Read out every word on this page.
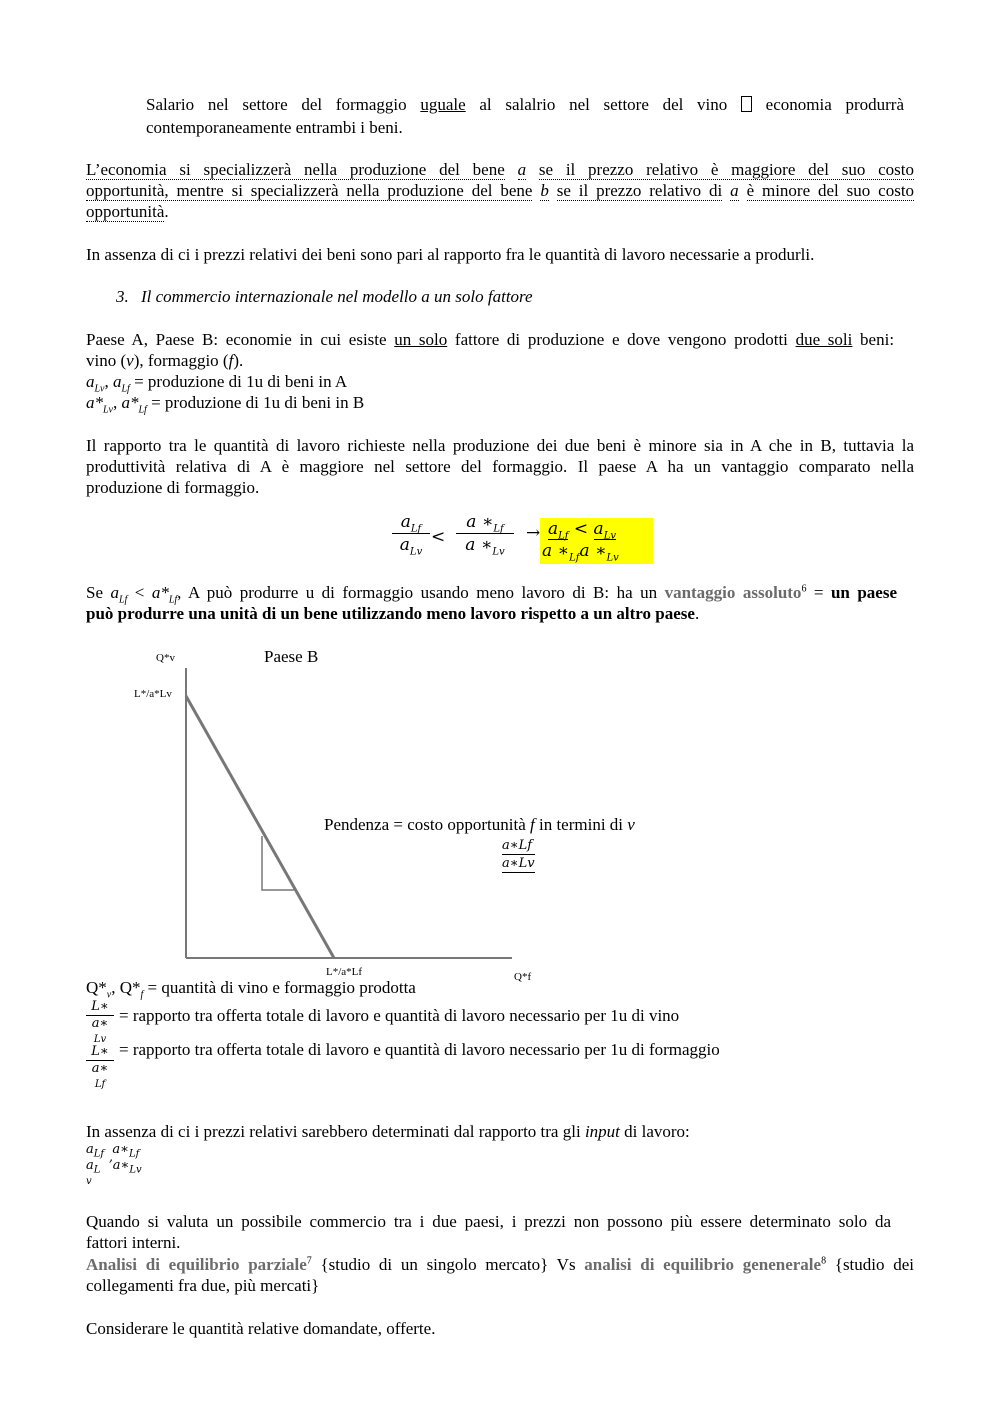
Salario nel settore del formaggio uguale al salalrio nel settore del vino economia produrrà
contemporaneamente entrambi i beni.
L’economia si specializzerà nella produzione del bene a se il prezzo relativo è maggiore del suo costo
opportunità, mentre si specializzerà nella produzione del bene b se il prezzo relativo di a è minore del suo costo
opportunità.
In assenza di ci i prezzi relativi dei beni sono pari al rapporto fra le quantità di lavoro necessarie a produrli.
3. Il commercio internazionale nel modello a un solo fattore
Paese A, Paese B: economie in cui esiste un solo fattore di produzione e dove vengono prodotti due soli beni:
vino (v), formaggio (f).
$a_{Lv}$, $a_{Lf}$ = produzione di 1u di beni in A
$a*_{Lv}$, $a*_{Lf}$ = produzione di 1u di beni in B
Il rapporto tra le quantità di lavoro richieste nella produzione dei due beni è minore sia in A che in B, tuttavia la
produttività relativa di A è maggiore nel settore del formaggio. Il paese A ha un vantaggio comparato nella
produzione di formaggio.
$a_{Lf}$
$a_{Lv}$
<
a $∗_{Lf}$
a $∗_{Lv}$
→ $a_{Lf} < a_{Lv}$
a $∗_{Lf}a$ $∗_{Lv}$
Se $a_{Lf} < a*_{Lf}$, A può produrre u di formaggio usando meno lavoro di B: ha un vantaggio assoluto$^6$ = un paese
può produrre una unità di un bene utilizzando meno lavoro rispetto a un altro paese.
Paese B
Q*v
L*/a*Lv
L*/a*Lf	Q*f
Pendenza = costo opportunità f in termini di v
$\frac{a∗Lf}{a∗Lv}$
$Q*_v$, $Q*_f$ = quantità di vino e formaggio prodotta
L∗
a∗
Lv
= rapporto tra offerta totale di lavoro e quantità di lavoro necessario per 1u di vino
L∗
a∗
Lf
= rapporto tra offerta totale di lavoro e quantità di lavoro necessario per 1u di formaggio
In assenza di ci i prezzi relativi sarebbero determinati dal rapporto tra gli input di lavoro:
$a_{Lf}$  $a∗_{Lf}$
$a_L$  $’a∗_{Lv}$
v
Quando si valuta un possibile commercio tra i due paesi, i prezzi non possono più essere determinato solo da
fattori interni.
Analisi di equilibrio parziale$^7$ {studio di un singolo mercato} Vs analisi di equilibrio genenerale$^8$ {studio dei
collegamenti fra due, più mercati}
Considerare le quantità relative domandate, offerte.
